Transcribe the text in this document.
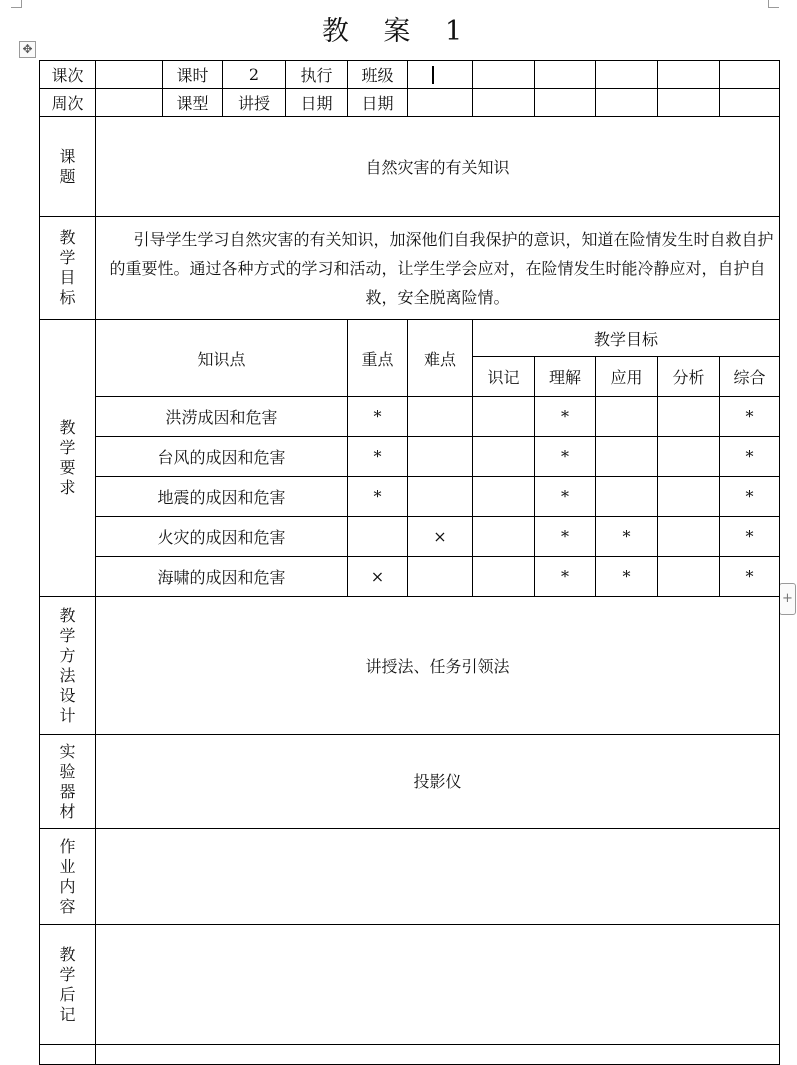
教 案 1
✥
+
课次		课时	2	执行	班级						
周次		课型	讲授	日期	日期						
课题	自然灾害的有关知识										
教学目标	引导学生学习自然灾害的有关知识，加深他们自我保护的意识，知道在险情发生时自救自护的重要性。通过各种方式的学习和活动，让学生学会应对，在险情发生时能冷静应对，自护自救，安全脱离险情。										
教学要求	知识点				重点	难点	教学目标				
							识记	理解	应用	分析	综合
	洪涝成因和危害				*			*			*
	台风的成因和危害				*			*			*
	地震的成因和危害				*			*			*
	火灾的成因和危害					×		*	*		*
	海啸的成因和危害				×			*	*		*
教学方法设计	讲授法、任务引领法										
实验器材	投影仪										
作业内容											
教学后记											
